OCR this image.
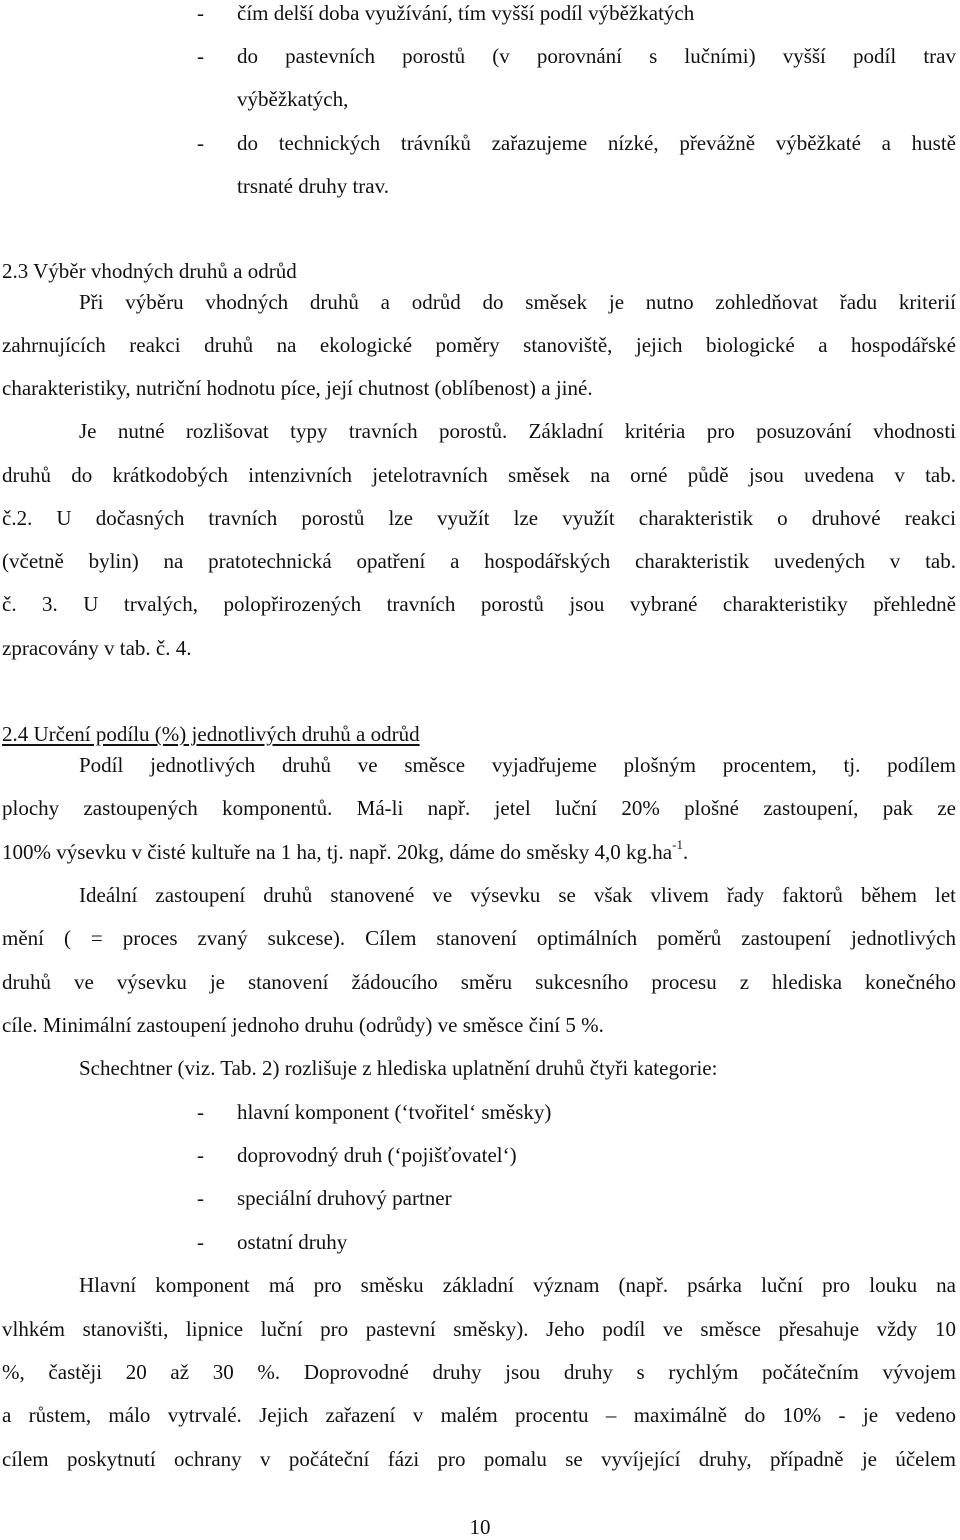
- čím delší doba využívání, tím vyšší podíl výběžkatých
- do pastevních porostů (v porovnání s lučními) vyšší podíl trav
výběžkatých,
- do technických trávníků zařazujeme nízké, převážně výběžkaté a hustě
trsnaté druhy trav.
2.3 Výběr vhodných druhů a odrůd
Při výběru vhodných druhů a odrůd do směsek je nutno zohledňovat řadu kriterií
zahrnujících reakci druhů na ekologické poměry stanoviště, jejich biologické a hospodářské
charakteristiky, nutriční hodnotu píce, její chutnost (oblíbenost) a jiné.
Je nutné rozlišovat typy travních porostů. Základní kritéria pro posuzování vhodnosti
druhů do krátkodobých intenzivních jetelotravních směsek na orné půdě jsou uvedena v tab.
č.2. U dočasných travních porostů lze využít lze využít charakteristik o druhové reakci
(včetně bylin) na pratotechnická opatření a hospodářských charakteristik uvedených v tab.
č. 3. U trvalých, polopřirozených travních porostů jsou vybrané charakteristiky přehledně
zpracovány v tab. č. 4.
2.4 Určení podílu (%) jednotlivých druhů a odrůd
Podíl jednotlivých druhů ve směsce vyjadřujeme plošným procentem, tj. podílem
plochy zastoupených komponentů. Má-li např. jetel luční 20% plošné zastoupení, pak ze
100% výsevku v čisté kultuře na 1 ha, tj. např. 20kg, dáme do směsky 4,0 $kg.ha^{-1}$.
Ideální zastoupení druhů stanovené ve výsevku se však vlivem řady faktorů během let
mění ( = proces zvaný sukcese). Cílem stanovení optimálních poměrů zastoupení jednotlivých
druhů ve výsevku je stanovení žádoucího směru sukcesního procesu z hlediska konečného
cíle. Minimální zastoupení jednoho druhu (odrůdy) ve směsce činí 5 %.
Schechtner (viz. Tab. 2) rozlišuje z hlediska uplatnění druhů čtyři kategorie:
- hlavní komponent (‘tvořitel‘ směsky)
- doprovodný druh (‘pojišťovatel‘)
- speciální druhový partner
- ostatní druhy
Hlavní komponent má pro směsku základní význam (např. psárka luční pro louku na
vlhkém stanovišti, lipnice luční pro pastevní směsky). Jeho podíl ve směsce přesahuje vždy 10
%, častěji 20 až 30 %. Doprovodné druhy jsou druhy s rychlým počátečním vývojem
a růstem, málo vytrvalé. Jejich zařazení v malém procentu – maximálně do 10% - je vedeno
cílem poskytnutí ochrany v počáteční fázi pro pomalu se vyvíjející druhy, případně je účelem
10
